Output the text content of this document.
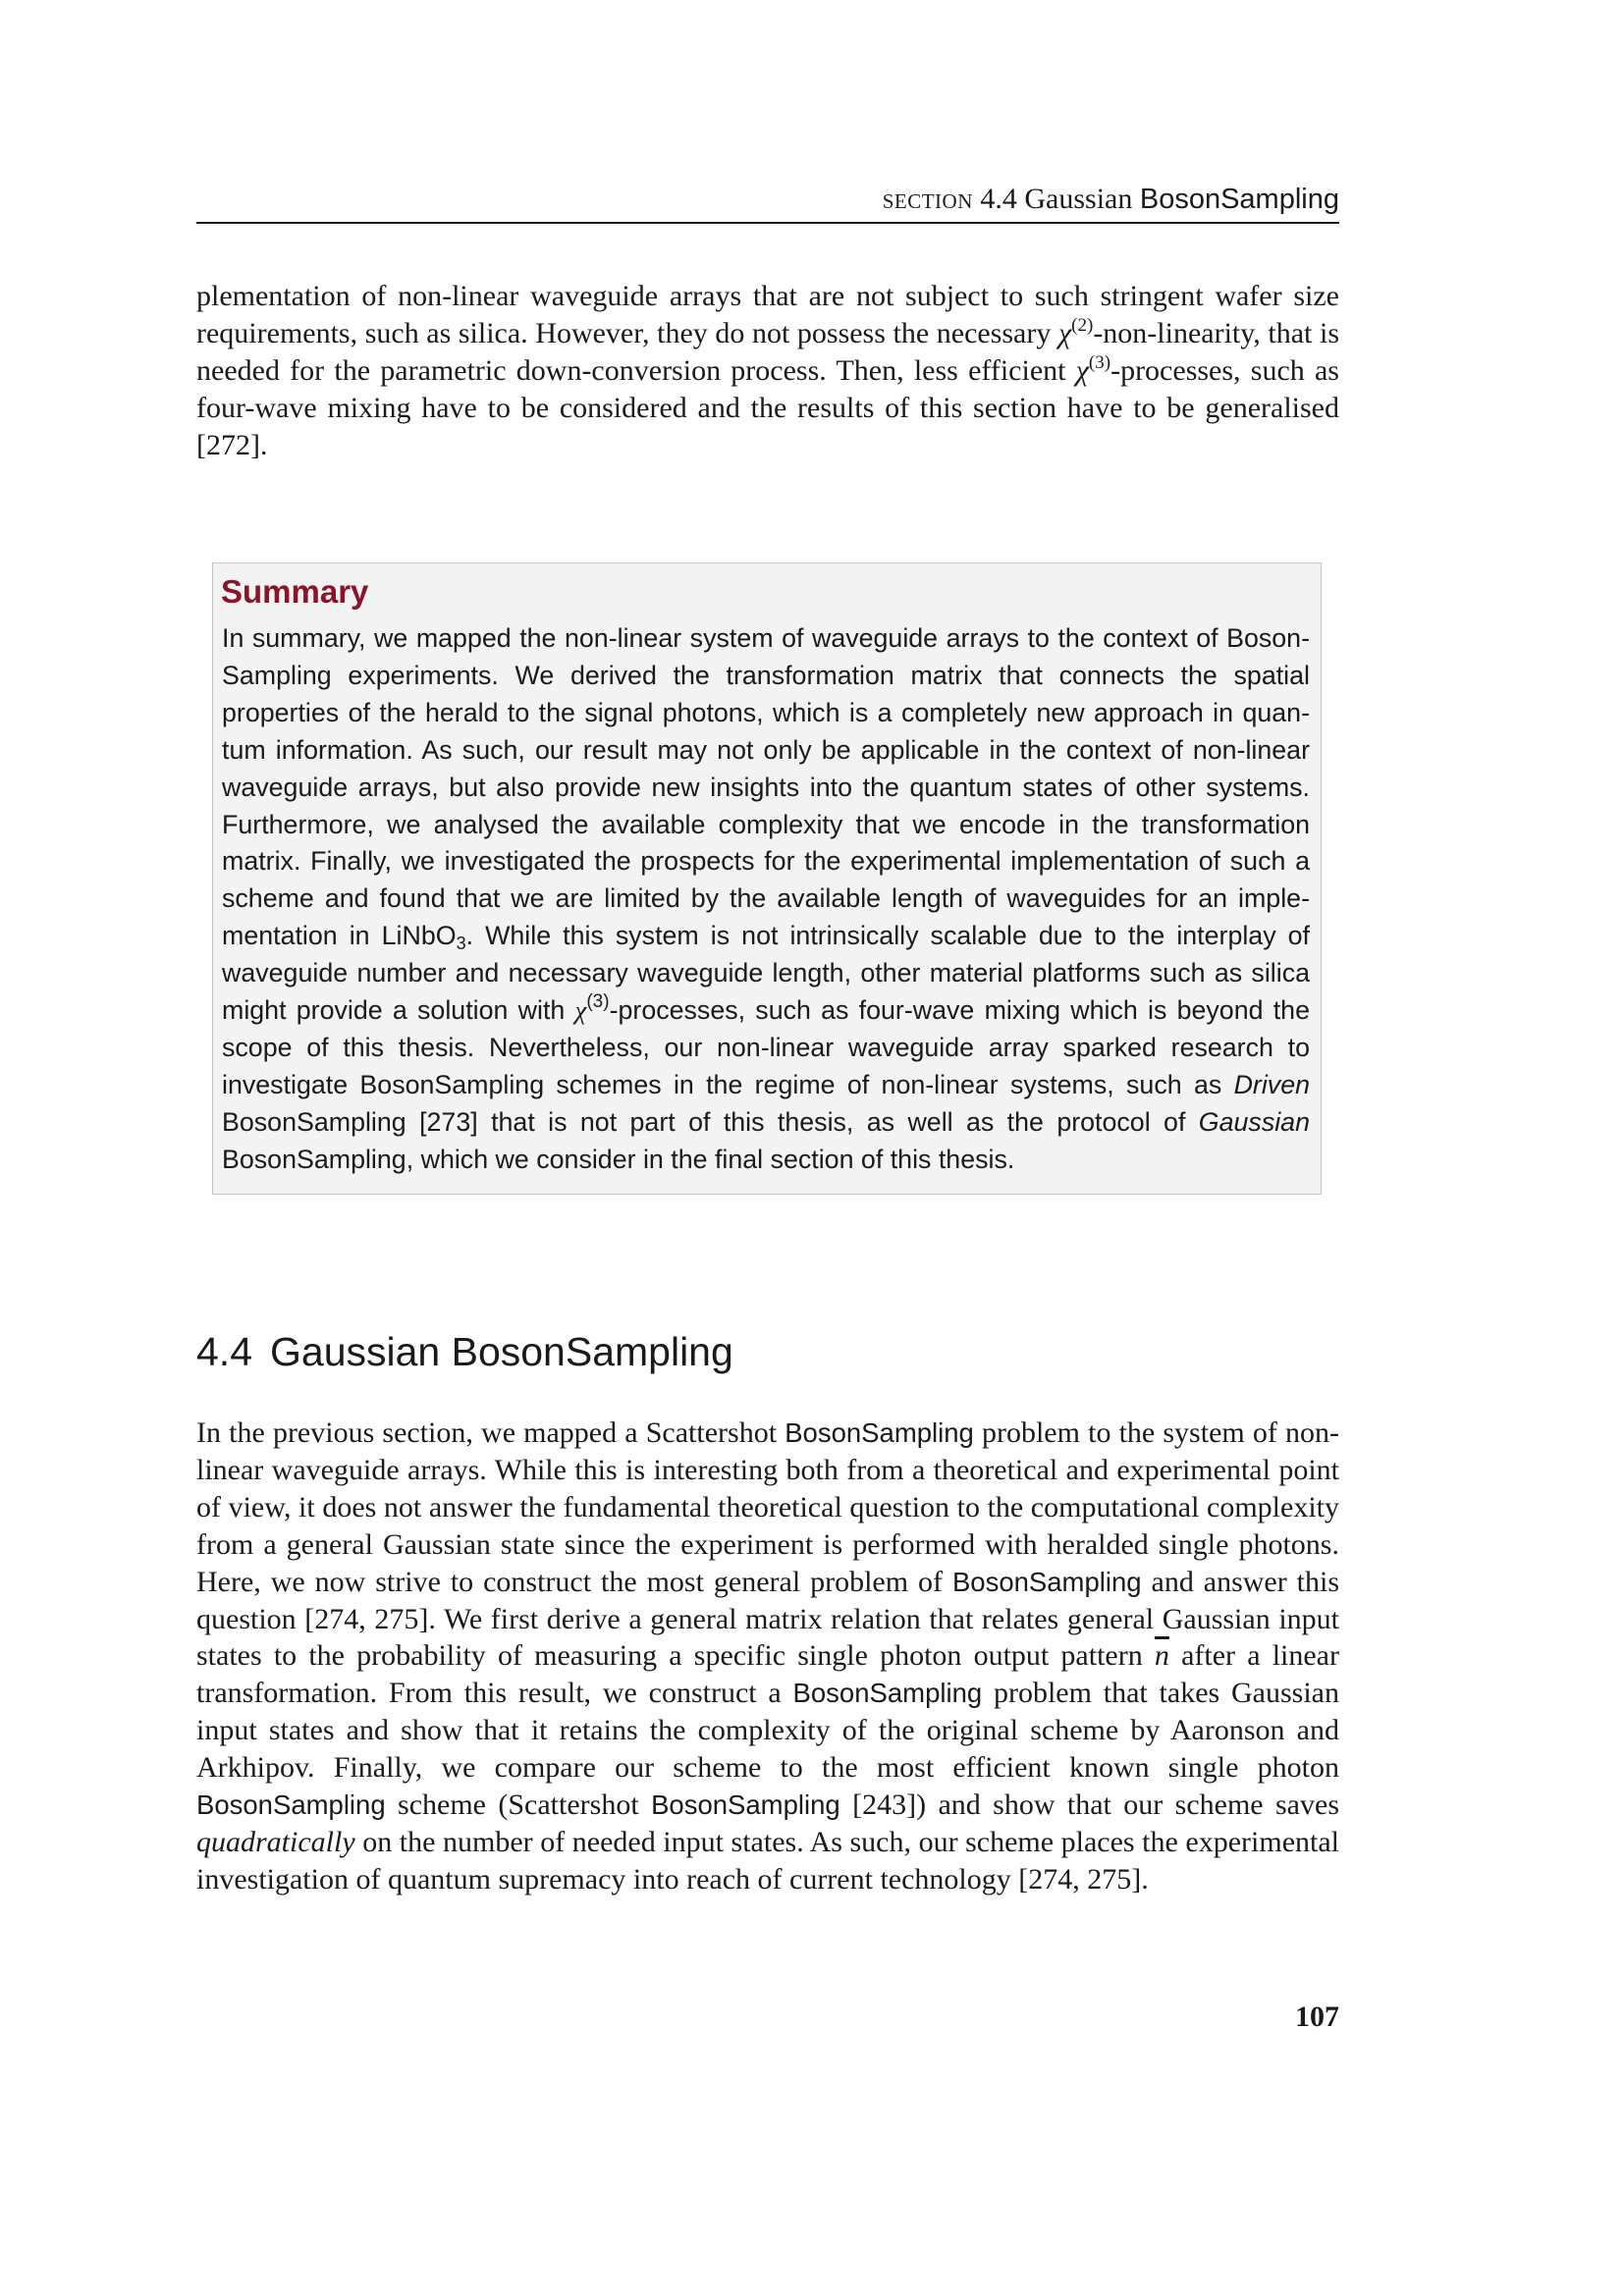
section 4.4 Gaussian BosonSampling

plementation of non-linear waveguide arrays that are not subject to such stringent wafer size requirements, such as silica. However, they do not possess the necessary $\chi^{(2)}-non$-linearity, that is needed for the parametric down-conversion process. Then, less efficient $\chi^{(3)}$-processes, such as four-wave mixing have to be considered and the results of this section have to be generalised [272].

Summary

In summary, we mapped the non-linear system of waveguide arrays to the context of BosonSampling experiments. We derived the transformation matrix that connects the spatial properties of the herald to the signal photons, which is a completely new approach in quantum information. As such, our result may not only be applicable in the context of non-linear waveguide arrays, but also provide new insights into the quantum states of other systems. Furthermore, we analysed the available complexity that we encode in the transformation matrix. Finally, we investigated the prospects for the experimental implementation of such a scheme and found that we are limited by the available length of waveguides for an implementation in LiNbO$_3$. While this system is not intrinsically scalable due to the interplay of waveguide number and necessary waveguide length, other material platforms such as silica might provide a solution with $\chi^{(3)}$-processes, such as four-wave mixing which is beyond the scope of this thesis. Nevertheless, our non-linear waveguide array sparked research to investigate BosonSampling schemes in the regime of non-linear systems, such as Driven BosonSampling [273] that is not part of this thesis, as well as the protocol of Gaussian BosonSampling, which we consider in the final section of this thesis.

4.4 Gaussian BosonSampling

In the previous section, we mapped a Scattershot BosonSampling problem to the system of non-linear waveguide arrays. While this is interesting both from a theoretical and experimental point of view, it does not answer the fundamental theoretical question to the computational complexity from a general Gaussian state since the experiment is performed with heralded single photons. Here, we now strive to construct the most general problem of BosonSampling and answer this question [274, 275]. We first derive a general matrix relation that relates general Gaussian input states to the probability of measuring a specific single photon output pattern $\overline{n}$ after a linear transformation. From this result, we construct a BosonSampling problem that takes Gaussian input states and show that it retains the complexity of the original scheme by Aaronson and Arkhipov. Finally, we compare our scheme to the most efficient known single photon BosonSampling scheme (Scattershot BosonSampling [243]) and show that our scheme saves quadratically on the number of needed input states. As such, our scheme places the experimental investigation of quantum supremacy into reach of current technology [274, 275].

107
